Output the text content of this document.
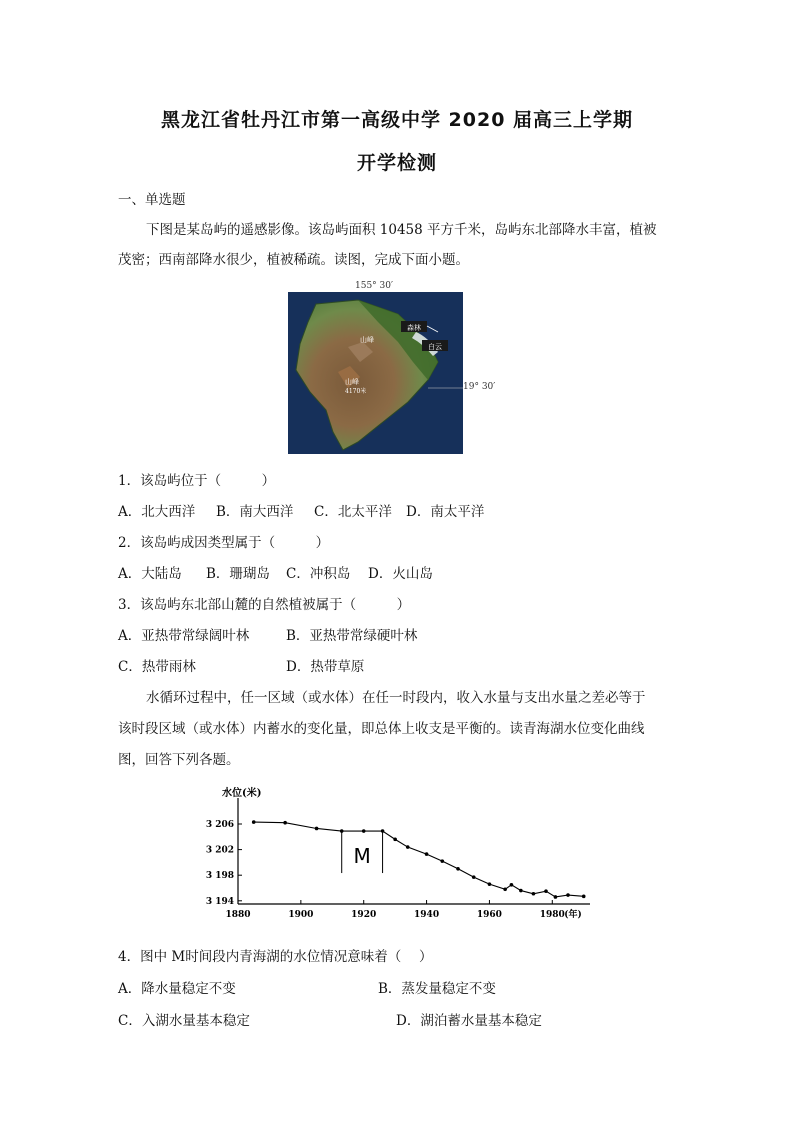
黑龙江省牡丹江市第一高级中学 2020 届高三上学期
开学检测
一、单选题
下图是某岛屿的遥感影像。该岛屿面积 10458 平方千米，岛屿东北部降水丰富，植被
茂密；西南部降水很少，植被稀疏。读图，完成下面小题。
森林
白云
山峰
山峰
4170米
155° 30′
19° 30′
1．该岛屿位于（　　　）
A．北大西洋 B．南大西洋 C．北太平洋 D．南太平洋
2．该岛屿成因类型属于（　　　）
A．大陆岛 B．珊瑚岛 C．冲积岛 D．火山岛
3．该岛屿东北部山麓的自然植被属于（　　　）
A．亚热带常绿阔叶林	B．亚热带常绿硬叶林
C．热带雨林	D．热带草原
水循环过程中，任一区域（或水体）在任一时段内，收入水量与支出水量之差必等于
该时段区域（或水体）内蓄水的变化量，即总体上收支是平衡的。读青海湖水位变化曲线
图，回答下列各题。
水位(米)
3 194
3 198
3 202
3 206
1880	1900	1920	1940	1960	1980 (年)
M
4．图中 M时间段内青海湖的水位情况意味着（　 ）
A．降水量稳定不变	B．蒸发量稳定不变
C．入湖水量基本稳定	D．湖泊蓄水量基本稳定
